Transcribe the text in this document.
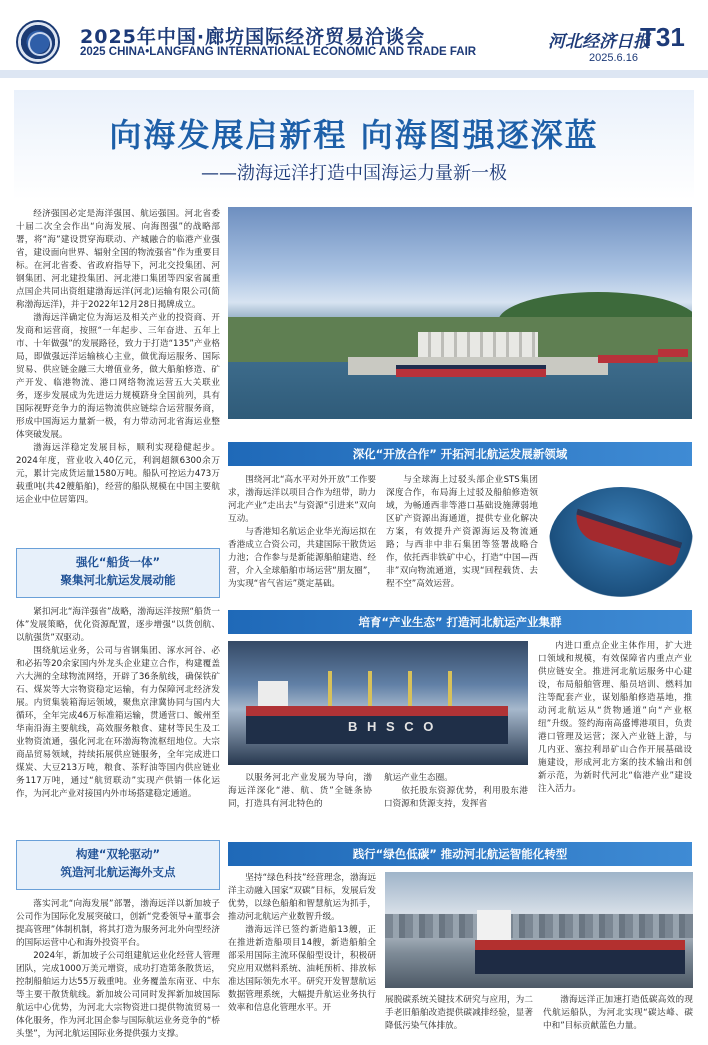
2025年中国·廊坊国际经济贸易洽谈会
2025 CHINA•LANGFANG INTERNATIONAL ECONOMIC AND TRADE FAIR	河北经济日报
T31
2025.6.16
向海发展启新程 向海图强逐深蓝
——渤海远洋打造中国海运力量新一极

经济强国必定是海洋强国、航运强国。河北省委十届二次全会作出“向海发展、向海图强”的战略部署，将“海”建设贯穿海联动、产城融合的临港产业强省，建设面向世界、辐射全国的物流强省”作为重要目标。在河北省委、省政府指导下，河北交投集团、河钢集团、河北建投集团、河北港口集团等四家省属重点国企共同出资组建渤海远洋(河北)运输有限公司(简称渤海远洋)，并于2022年12月28日揭牌成立。

渤海远洋确定位为海运及相关产业的投资商、开发商和运营商，按照“一年起步、三年奋进、五年上市、十年做强”的发展路径，致力于打造“135”产业格局，即做强远洋运输核心主业，做优海运服务、国际贸易、供应链金融三大增值业务，做大船舶修造、矿产开发、临港物流、港口网络物流运营五大关联业务，逐步发展成为先进运力规模跻身全国前列，具有国际视野竞争力的海运物流供应链综合运营服务商，形成中国海运力量新一极，有力带动河北省海运业整体突破发展。

渤海远洋稳定发展目标，顺利实现稳健起步。2024年度，营业收入40亿元，利润超额6300余万元，累计完成货运量1580万吨。船队可控运力473万载重吨(共42艘船舶)，经营的船队规模在中国主要航运企业中位居第四。

深化“开放合作” 开拓河北航运发展新领域

围绕河北“高水平对外开放”工作要求，渤海远洋以项目合作为纽带，助力河北产业“走出去”与资源“引进来”双向互动。

与香港知名航运企业华光海运拟在香港成立合资公司，共建国际干散货运力池；合作参与是新能源船舶建造、经营，介入全球船舶市场运营“朋友圈”，为实现“省气省运”奠定基础。

与全球海上过驳头部企业STS集团深度合作，布局海上过驳及船舶修造领域，为畅通西非等港口基础设施薄弱地区矿产资源出海通道，提供专业化解决方案，有效提升产资源海运及物流通路；与西非中非石集团等签署战略合作，依托西非铁矿中心，打造“中国—西非”双向物流通道，实现“回程载货、去程不空”高效运营。

强化“船货一体”
聚集河北航运发展动能

紧扣河北“海洋强省”战略，渤海远洋按照“船货一体”发展策略，优化资源配置，逐步增强“以货创航、以航强货”双驱动。

围绕航运业务，公司与省钢集团、涿水河谷、必和必拓等20余家国内外龙头企业建立合作，构建覆盖六大洲的全球物流网络，开辟了36条航线，确保铁矿石、煤炭等大宗物资稳定运输，有力保障河北经济发展。内贸集装箱海运领域，聚焦京津冀协同与国内大循环，全年完成46万标准箱运输，贯通营口、鲅州至华南沿海主要航线，高效服务粮食、建材等民生及工业物资流通，强化河北在环渤海物流枢纽地位。大宗商品贸易领域，持续拓展供应链服务，全年完成进口煤炭、大豆213万吨，粮食、茶籽油等国内供应链业务117万吨，通过“航贸联动”实现产供销一体化运作，为河北产业对接国内外市场搭建稳定通道。

培育“产业生态” 打造河北航运产业集群
B H S C O

内进口重点企业主体作用，扩大进口领域和规模，有效保障省内重点产业供应链安全。推进河北航运服务中心建设，布局船舶管理、船员培训、燃料加注等配套产业，谋划船舶修造基地，推动河北航运从“货物通道”向“产业枢纽”升级。签约海南高盛博港项目，负责港口管理及运营；深入产业链上游，与几内亚、塞拉利昂矿山合作开展基础设施建设，形成河北方案的技术输出和创新示范，为新时代河北“临港产业”建设注入活力。

以服务河北产业发展为导向，渤海远洋深化“港、航、货”全链条协同，打造具有河北特色的

航运产业生态圈。

依托股东资源优势，利用股东港口资源和货源支持，发挥省

构建“双轮驱动”
筑造河北航运海外支点

落实河北“向海发展”部署，渤海远洋以新加坡子公司作为国际化发展突破口，创新“党委领导+董事会提高管理”体制机制，将其打造为服务河北外向型经济的国际运营中心和海外投资平台。

2024年，新加坡子公司组建航运业化经营人管理团队，完成1000万美元增资，成功打造第条散货运，控制船舶运力达55万载重吨。业务覆盖东南亚、中东等主要干散货航线。新加坡公司同时发挥新加坡国际航运中心优势，为河北大宗物资进口提供物流贸易一体化服务，作为河北国企参与国际航运业务竞争的“桥头堡”，为河北航运国际业务提供强力支撑。

践行“绿色低碳” 推动河北航运智能化转型

坚持“绿色科技”经营理念，渤海远洋主动融入国家“双碳”目标，发展后发优势，以绿色船舶和智慧航运为抓手，推动河北航运产业数智升级。

渤海远洋已签约新造船13艘，正在推进新造船项目14艘，新造船舶全部采用国际主流环保船型设计，积极研究应用双燃料系统、油耗预析、排放标准达国际领先水平。研究开发智慧航运数据管理系统，大幅提升航运业务执行效率和信息化管理水平。开

展脱碳系统关键技术研究与应用，为二手老旧船舶改造提供碳减排经验，显著降低污染气体排放。

渤海远洋正加速打造低碳高效的现代航运船队，为河北实现“碳达峰、碳中和”目标贡献蓝色力量。
